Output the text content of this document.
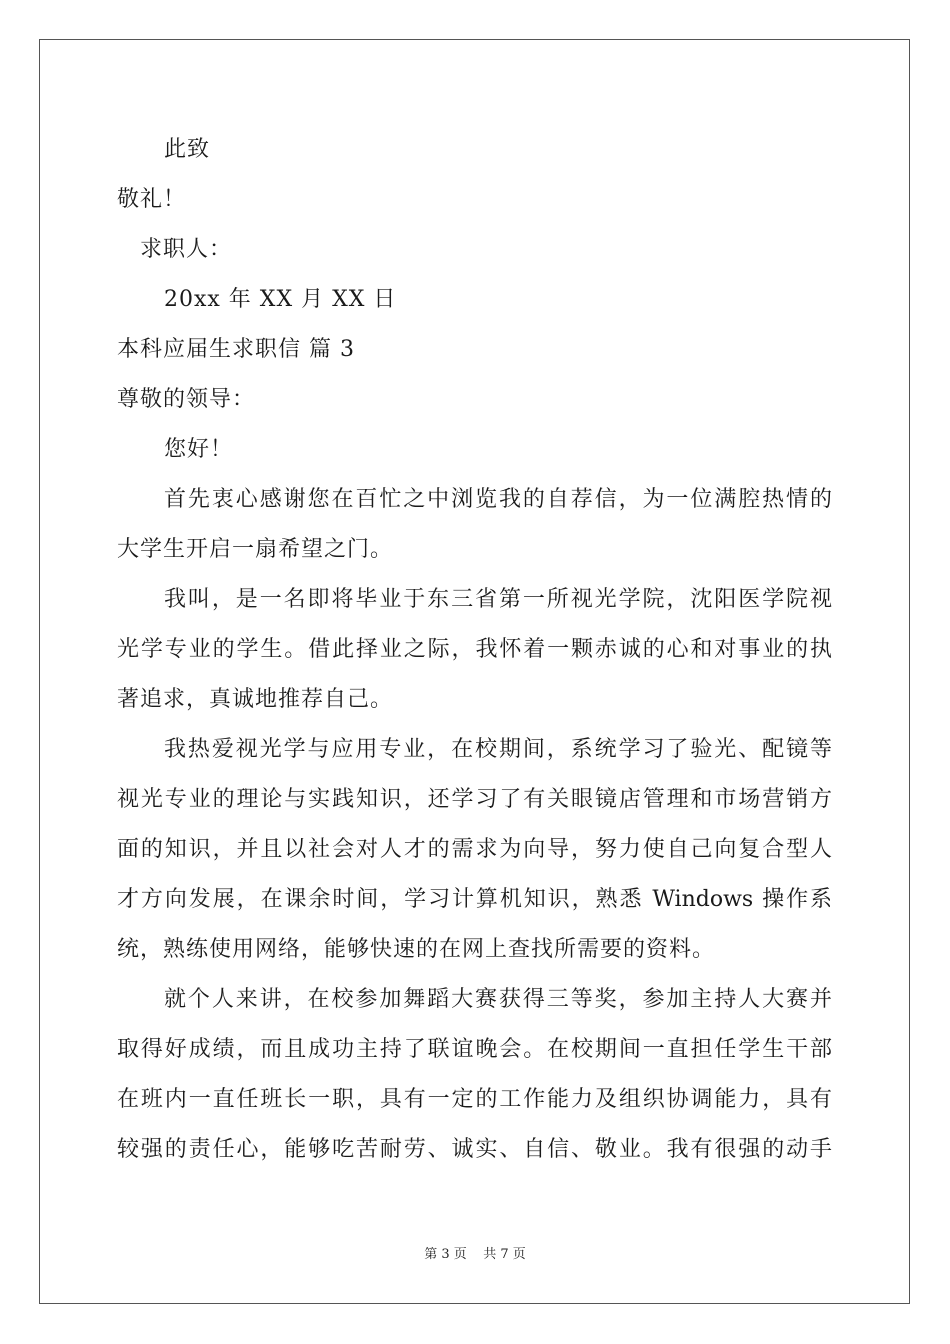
此致
敬礼！
求职人：
20xx 年 XX 月 XX 日
本科应届生求职信 篇 3
尊敬的领导：
您好！
首先衷心感谢您在百忙之中浏览我的自荐信，为一位满腔热情的
大学生开启一扇希望之门。
我叫，是一名即将毕业于东三省第一所视光学院，沈阳医学院视
光学专业的学生。借此择业之际，我怀着一颗赤诚的心和对事业的执
著追求，真诚地推荐自己。
我热爱视光学与应用专业，在校期间，系统学习了验光、配镜等
视光专业的理论与实践知识，还学习了有关眼镜店管理和市场营销方
面的知识，并且以社会对人才的需求为向导，努力使自己向复合型人
才方向发展，在课余时间，学习计算机知识，熟悉 Windows 操作系
统，熟练使用网络，能够快速的在网上查找所需要的资料。
就个人来讲，在校参加舞蹈大赛获得三等奖，参加主持人大赛并
取得好成绩，而且成功主持了联谊晚会。在校期间一直担任学生干部
在班内一直任班长一职，具有一定的工作能力及组织协调能力，具有
较强的责任心，能够吃苦耐劳、诚实、自信、敬业。我有很强的动手
第 3 页    共 7 页
